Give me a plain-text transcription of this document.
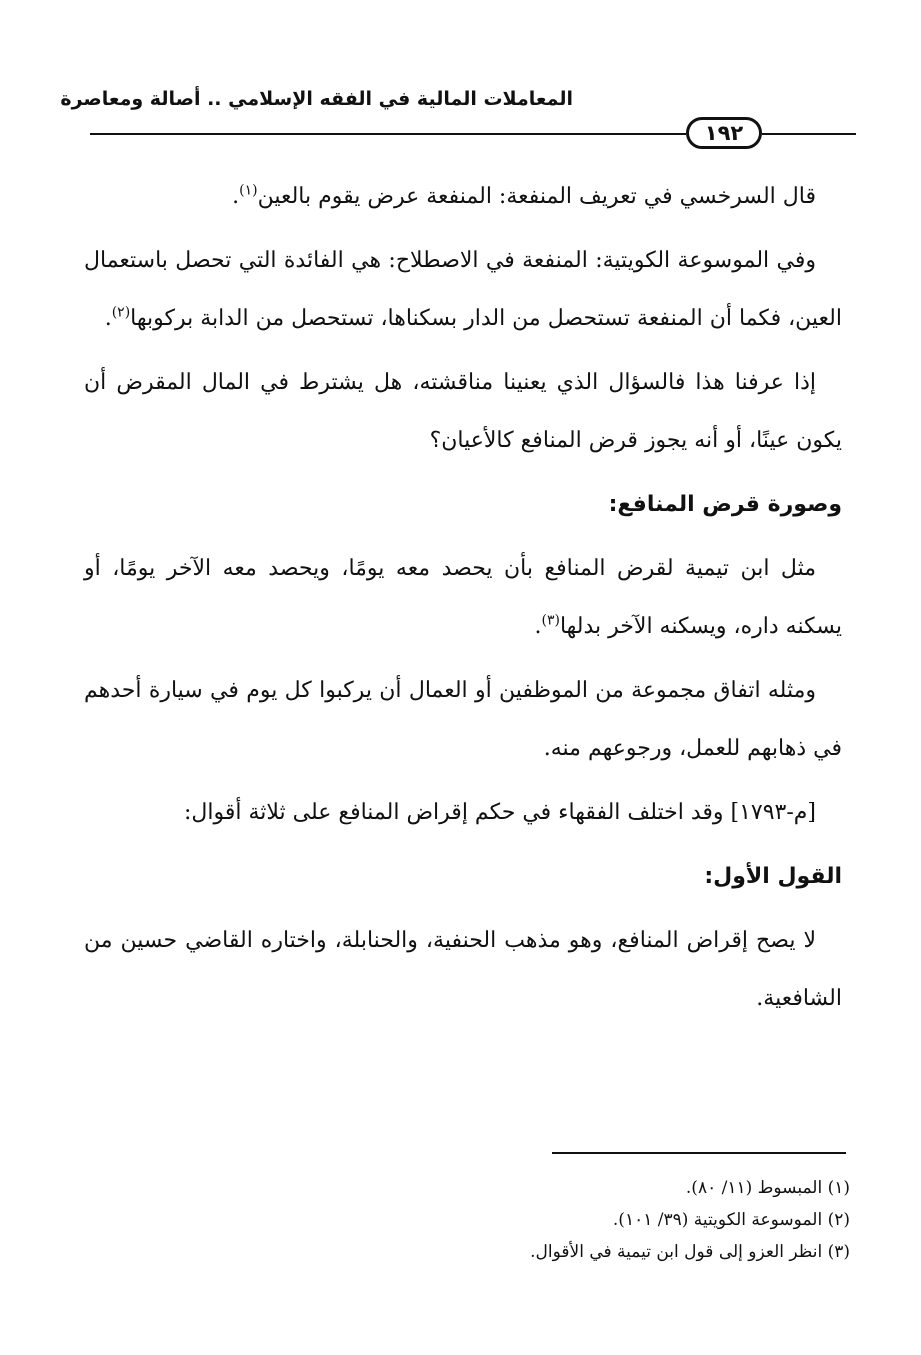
المعاملات المالية في الفقه الإسلامي .. أصالة ومعاصرة
١٩٢

قال السرخسي في تعريف المنفعة: المنفعة عرض يقوم بالعين$^{(١)}$.

وفي الموسوعة الكويتية: المنفعة في الاصطلاح: هي الفائدة التي تحصل باستعمال العين، فكما أن المنفعة تستحصل من الدار بسكناها، تستحصل من الدابة بركوبها$^{(٢)}$.

إذا عرفنا هذا فالسؤال الذي يعنينا مناقشته، هل يشترط في المال المقرض أن يكون عينًا، أو أنه يجوز قرض المنافع كالأعيان؟

وصورة قرض المنافع:

مثل ابن تيمية لقرض المنافع بأن يحصد معه يومًا، ويحصد معه الآخر يومًا، أو يسكنه داره، ويسكنه الآخر بدلها$^{(٣)}$.

ومثله اتفاق مجموعة من الموظفين أو العمال أن يركبوا كل يوم في سيارة أحدهم في ذهابهم للعمل، ورجوعهم منه.

[م-١٧٩٣] وقد اختلف الفقهاء في حكم إقراض المنافع على ثلاثة أقوال:

القول الأول:

لا يصح إقراض المنافع، وهو مذهب الحنفية، والحنابلة، واختاره القاضي حسين من الشافعية.

(١) المبسوط (١١/ ٨٠).
(٢) الموسوعة الكويتية (٣٩/ ١٠١).
(٣) انظر العزو إلى قول ابن تيمية في الأقوال.
